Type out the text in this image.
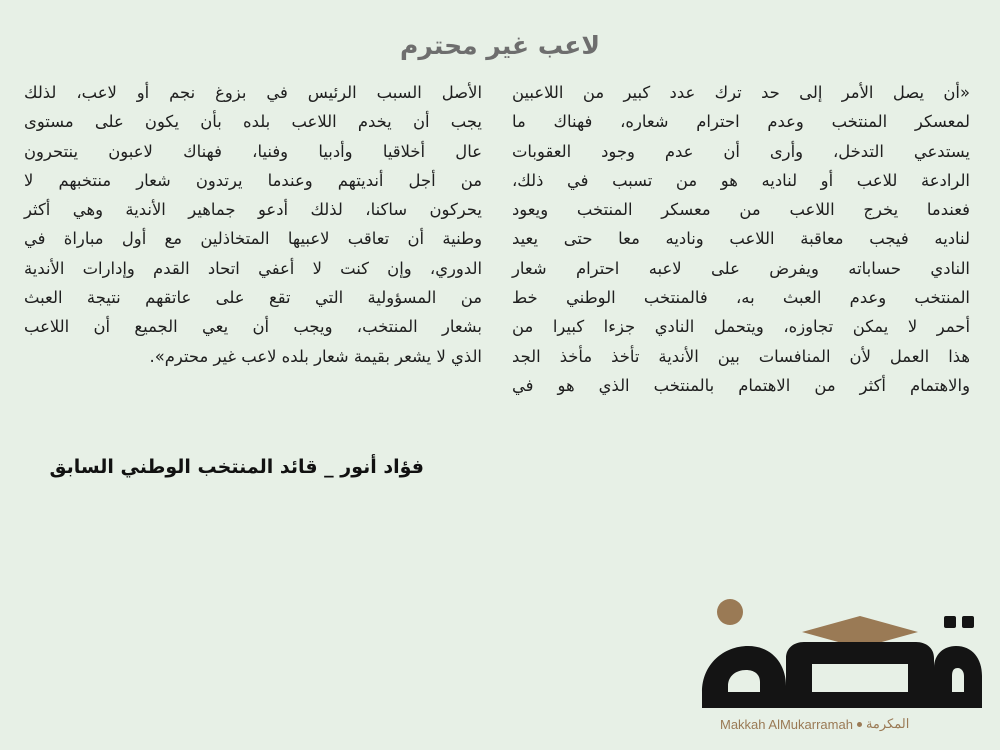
لاعب غير محترم
«أن يصل الأمر إلى حد ترك عدد كبير من اللاعبين
لمعسكر المنتخب وعدم احترام شعاره، فهناك ما
يستدعي التدخل، وأرى أن عدم وجود العقوبات
الرادعة للاعب أو لناديه هو من تسبب في ذلك،
فعندما يخرج اللاعب من معسكر المنتخب ويعود
لناديه فيجب معاقبة اللاعب وناديه معا حتى يعيد
النادي حساباته ويفرض على لاعبه احترام شعار
المنتخب وعدم العبث به، فالمنتخب الوطني خط
أحمر لا يمكن تجاوزه، ويتحمل النادي جزءا كبيرا من
هذا العمل لأن المنافسات بين الأندية تأخذ مأخذ الجد
والاهتمام أكثر من الاهتمام بالمنتخب الذي هو في
الأصل السبب الرئيس في بزوغ نجم أو لاعب، لذلك
يجب أن يخدم اللاعب بلده بأن يكون على مستوى
عال أخلاقيا وأدبيا وفنيا، فهناك لاعبون ينتحرون
من أجل أنديتهم وعندما يرتدون شعار منتخبهم لا
يحركون ساكنا، لذلك أدعو جماهير الأندية وهي أكثر
وطنية أن تعاقب لاعبيها المتخاذلين مع أول مباراة في
الدوري، وإن كنت لا أعفي اتحاد القدم وإدارات الأندية
من المسؤولية التي تقع على عاتقهم نتيجة العبث
بشعار المنتخب، ويجب أن يعي الجميع أن اللاعب
الذي لا يشعر بقيمة شعار بلده لاعب غير محترم».
فؤاد أنور _ قائد المنتخب الوطني السابق
Makkah AlMukarramah المكرمة
